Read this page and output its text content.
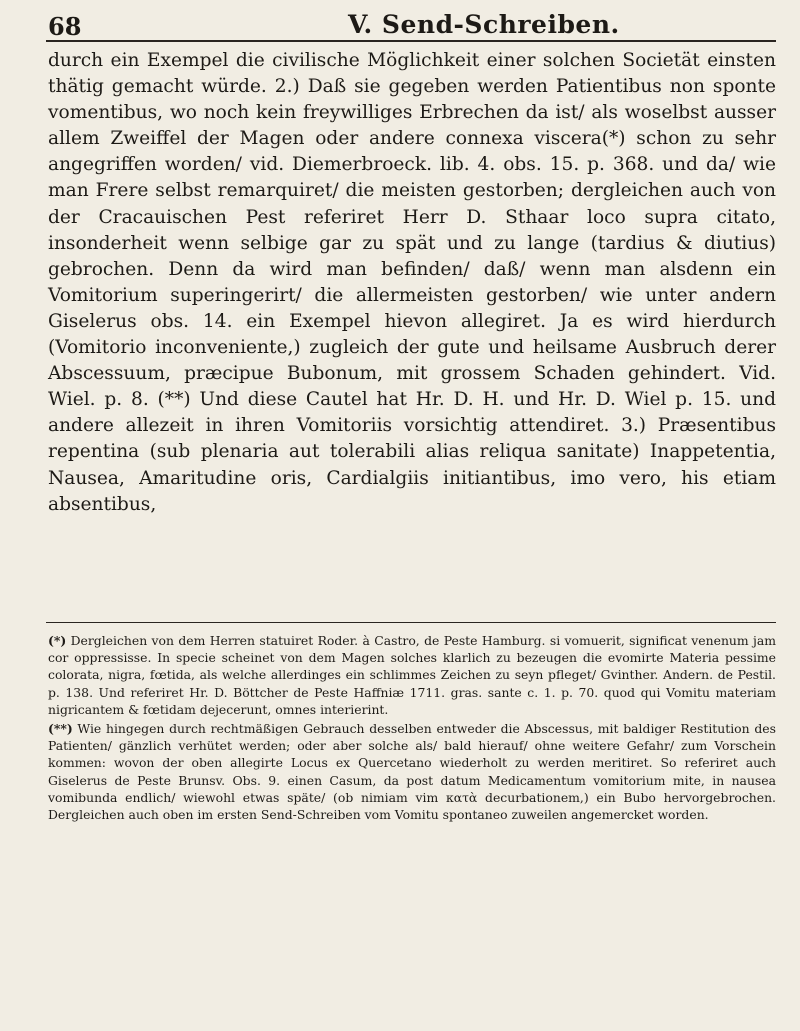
68	V. Send-Schreiben.

durch ein Exempel die civilische Möglichkeit einer solchen Societät einsten thätig gemacht würde. 2.) Daß sie gegeben werden Patientibus non sponte vomentibus, wo noch kein freywilliges Erbrechen da ist/ als woselbst ausser allem Zweiffel der Magen oder andere connexa viscera(*) schon zu sehr angegriffen worden/ vid. Diemerbroeck. lib. 4. obs. 15. p. 368. und da/ wie man Frere selbst remarquiret/ die meisten gestorben; dergleichen auch von der Cracauischen Pest referiret Herr D. Sthaar loco supra citato, insonderheit wenn selbige gar zu spät und zu lange (tardius & diutius) gebrochen. Denn da wird man befinden/ daß/ wenn man alsdenn ein Vomitorium superingerirt/ die allermeisten gestorben/ wie unter andern Giselerus obs. 14. ein Exempel hievon allegiret. Ja es wird hierdurch (Vomitorio inconveniente,) zugleich der gute und heilsame Ausbruch derer Abscessuum, præcipue Bubonum, mit grossem Schaden gehindert. Vid. Wiel. p. 8. (**) Und diese Cautel hat Hr. D. H. und Hr. D. Wiel p. 15. und andere allezeit in ihren Vomitoriis vorsichtig attendiret. 3.) Præsentibus repentina (sub plenaria aut tolerabili alias reliqua sanitate) Inappetentia, Nausea, Amaritudine oris, Cardialgiis initiantibus, imo vero, his etiam absentibus,

(*) Dergleichen von dem Herren statuiret Roder. à Castro, de Peste Hamburg. si vomuerit, significat venenum jam cor oppressisse. In specie scheinet von dem Magen solches klarlich zu bezeugen die evomirte Materia pessime colorata, nigra, fœtida, als welche allerdinges ein schlimmes Zeichen zu seyn pfleget/ Gvinther. Andern. de Pestil. p. 138. Und referiret Hr. D. Böttcher de Peste Haffniæ 1711. gras. sante c. 1. p. 70. quod qui Vomitu materiam nigricantem & fœtidam dejecerunt, omnes interierint.

(**) Wie hingegen durch rechtmäßigen Gebrauch desselben entweder die Abscessus, mit baldiger Restitution des Patienten/ gänzlich verhütet werden; oder aber solche als/ bald hierauf/ ohne weitere Gefahr/ zum Vorschein kommen: wovon der oben allegirte Locus ex Quercetano wiederholt zu werden meritiret. So referiret auch Giselerus de Peste Brunsv. Obs. 9. einen Casum, da post datum Medicamentum vomitorium mite, in nausea vomibunda endlich/ wiewohl etwas späte/ (ob nimiam vim κατὰ decurbationem,) ein Bubo hervorgebrochen. Dergleichen auch oben im ersten Send-Schreiben vom Vomitu spontaneo zuweilen angemercket worden.
